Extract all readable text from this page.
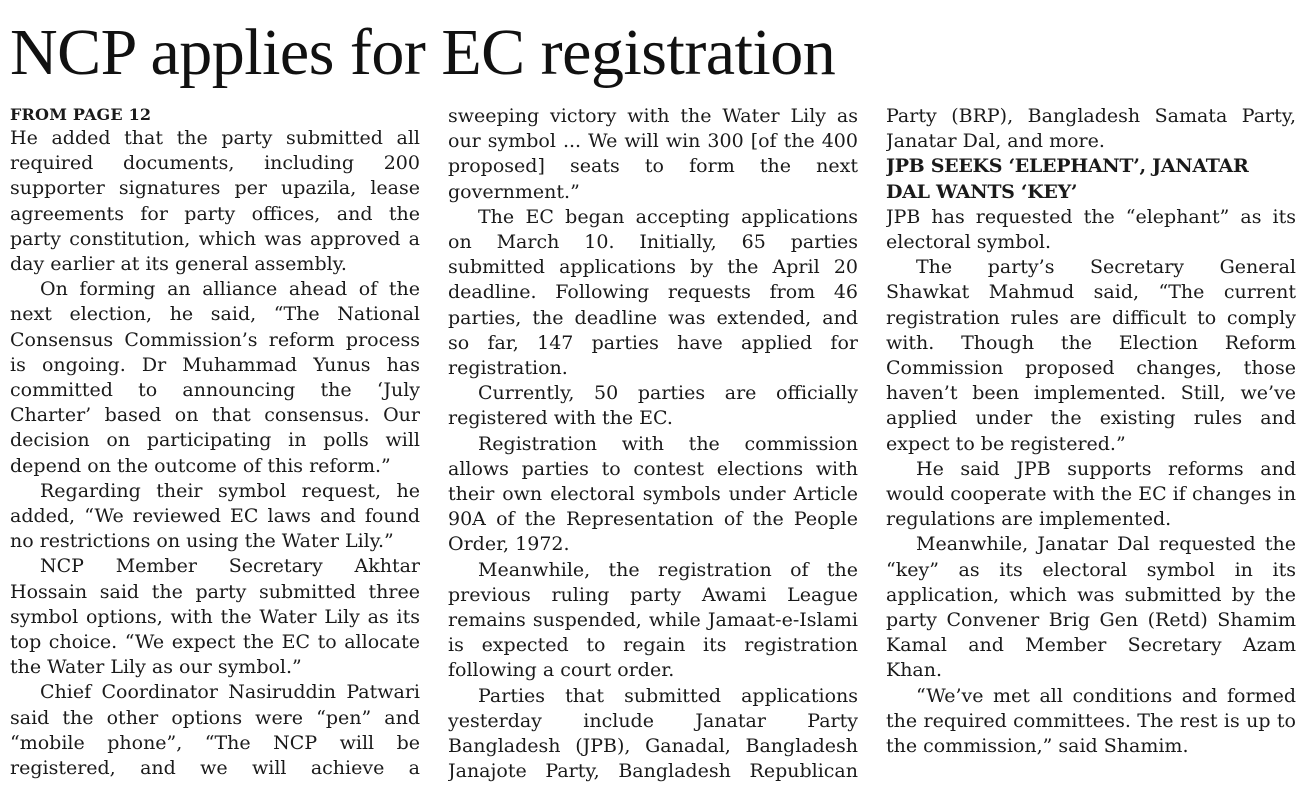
NCP applies for EC registration
FROM PAGE 12

He added that the party submitted all required documents, including 200 supporter signatures per upazila, lease agreements for party offices, and the party constitution, which was approved a day earlier at its general assembly.

On forming an alliance ahead of the next election, he said, “The National Consensus Commission’s reform process is ongoing. Dr Muhammad Yunus has committed to announcing the ‘July Charter’ based on that consensus. Our decision on participating in polls will depend on the outcome of this reform.”

Regarding their symbol request, he added, “We reviewed EC laws and found no restrictions on using the Water Lily.”

NCP Member Secretary Akhtar Hossain said the party submitted three symbol options, with the Water Lily as its top choice. “We expect the EC to allocate the Water Lily as our symbol.”

Chief Coordinator Nasiruddin Patwari said the other options were “pen” and “mobile phone”, “The NCP will be registered, and we will achieve a

sweeping victory with the Water Lily as our symbol ... We will win 300 [of the 400 proposed] seats to form the next government.”

The EC began accepting applications on March 10. Initially, 65 parties submitted applications by the April 20 deadline. Following requests from 46 parties, the deadline was extended, and so far, 147 parties have applied for registration.

Currently, 50 parties are officially registered with the EC.

Registration with the commission allows parties to contest elections with their own electoral symbols under Article 90A of the Representation of the People Order, 1972.

Meanwhile, the registration of the previous ruling party Awami League remains suspended, while Jamaat-e-Islami is expected to regain its registration following a court order.

Parties that submitted applications yesterday include Janatar Party Bangladesh (JPB), Ganadal, Bangladesh Janajote Party, Bangladesh Republican

Party (BRP), Bangladesh Samata Party, Janatar Dal, and more.

JPB SEEKS ‘ELEPHANT’, JANATAR DAL WANTS ‘KEY’

JPB has requested the “elephant” as its electoral symbol.

The party’s Secretary General Shawkat Mahmud said, “The current registration rules are difficult to comply with. Though the Election Reform Commission proposed changes, those haven’t been implemented. Still, we’ve applied under the existing rules and expect to be registered.”

He said JPB supports reforms and would cooperate with the EC if changes in regulations are implemented.

Meanwhile, Janatar Dal requested the “key” as its electoral symbol in its application, which was submitted by the party Convener Brig Gen (Retd) Shamim Kamal and Member Secretary Azam Khan.

“We’ve met all conditions and formed the required committees. The rest is up to the commission,” said Shamim.
